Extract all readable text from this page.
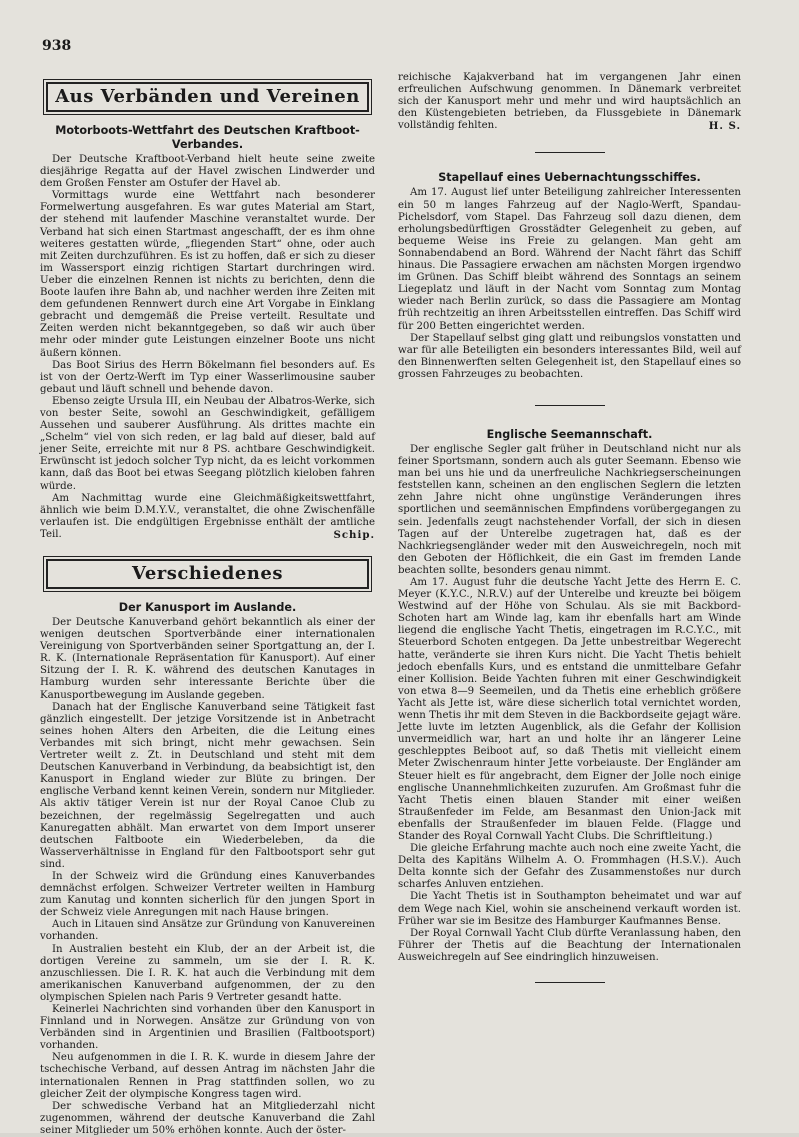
938
Aus Verbänden und Vereinen
Motorboots-Wettfahrt des Deutschen Kraftboot-Verbandes.

Der Deutsche Kraftboot-Verband hielt heute seine zweite diesjährige Regatta auf der Havel zwischen Lindwerder und dem Großen Fenster am Ostufer der Havel ab.

Vormittags wurde eine Wettfahrt nach besonderer Formelwertung ausgefahren. Es war gutes Material am Start, der stehend mit laufender Maschine veranstaltet wurde. Der Verband hat sich einen Startmast angeschafft, der es ihm ohne weiteres gestatten würde, „fliegenden Start“ ohne, oder auch mit Zeiten durchzuführen. Es ist zu hoffen, daß er sich zu dieser im Wassersport einzig richtigen Startart durchringen wird. Ueber die einzelnen Rennen ist nichts zu berichten, denn die Boote laufen ihre Bahn ab, und nachher werden ihre Zeiten mit dem gefundenen Rennwert durch eine Art Vorgabe in Einklang gebracht und demgemäß die Preise verteilt. Resultate und Zeiten werden nicht bekanntgegeben, so daß wir auch über mehr oder minder gute Leistungen einzelner Boote uns nicht äußern können.

Das Boot Sirius des Herrn Bökelmann fiel besonders auf. Es ist von der Oertz-Werft im Typ einer Wasserlimousine sauber gebaut und läuft schnell und behende davon.

Ebenso zeigte Ursula III, ein Neubau der Albatros-Werke, sich von bester Seite, sowohl an Geschwindigkeit, gefälligem Aussehen und sauberer Ausführung. Als drittes machte ein „Schelm“ viel von sich reden, er lag bald auf dieser, bald auf jener Seite, erreichte mit nur 8 PS. achtbare Geschwindigkeit. Erwünscht ist jedoch solcher Typ nicht, da es leicht vorkommen kann, daß das Boot bei etwas Seegang plötzlich kieloben fahren würde.

Am Nachmittag wurde eine Gleichmäßigkeitswettfahrt, ähnlich wie beim D.M.Y.V., veranstaltet, die ohne Zwischenfälle verlaufen ist. Die endgültigen Ergebnisse enthält der amtliche Teil.	Schip.

Verschiedenes
Der Kanusport im Auslande.

Der Deutsche Kanuverband gehört bekanntlich als einer der wenigen deutschen Sportverbände einer internationalen Vereinigung von Sportverbänden seiner Sportgattung an, der I. R. K. (Internationale Repräsentation für Kanusport). Auf einer Sitzung der I. R. K. während des deutschen Kanutages in Hamburg wurden sehr interessante Berichte über die Kanusportbewegung im Auslande gegeben.

Danach hat der Englische Kanuverband seine Tätigkeit fast gänzlich eingestellt. Der jetzige Vorsitzende ist in Anbetracht seines hohen Alters den Arbeiten, die die Leitung eines Verbandes mit sich bringt, nicht mehr gewachsen. Sein Vertreter weilt z. Zt. in Deutschland und steht mit dem Deutschen Kanuverband in Verbindung, da beabsichtigt ist, den Kanusport in England wieder zur Blüte zu bringen. Der englische Verband kennt keinen Verein, sondern nur Mitglieder. Als aktiv tätiger Verein ist nur der Royal Canoe Club zu bezeichnen, der regelmässig Segelregatten und auch Kanuregatten abhält. Man erwartet von dem Import unserer deutschen Faltboote ein Wiederbeleben, da die Wasserverhältnisse in England für den Faltbootsport sehr gut sind.

In der Schweiz wird die Gründung eines Kanuverbandes demnächst erfolgen. Schweizer Vertreter weilten in Hamburg zum Kanutag und konnten sicherlich für den jungen Sport in der Schweiz viele Anregungen mit nach Hause bringen.

Auch in Litauen sind Ansätze zur Gründung von Kanuvereinen vorhanden.

In Australien besteht ein Klub, der an der Arbeit ist, die dortigen Vereine zu sammeln, um sie der I. R. K. anzuschliessen. Die I. R. K. hat auch die Verbindung mit dem amerikanischen Kanuverband aufgenommen, der zu den olympischen Spielen nach Paris 9 Vertreter gesandt hatte.

Keinerlei Nachrichten sind vorhanden über den Kanusport in Finnland und in Norwegen. Ansätze zur Gründung von von Verbänden sind in Argentinien und Brasilien (Faltbootsport) vorhanden.

Neu aufgenommen in die I. R. K. wurde in diesem Jahre der tschechische Verband, auf dessen Antrag im nächsten Jahr die internationalen Rennen in Prag stattfinden sollen, wo zu gleicher Zeit der olympische Kongress tagen wird.

Der schwedische Verband hat an Mitgliederzahl nicht zugenommen, während der deutsche Kanuverband die Zahl seiner Mitglieder um 50% erhöhen konnte. Auch der öster-

reichische Kajakverband hat im vergangenen Jahr einen erfreulichen Aufschwung genommen. In Dänemark verbreitet sich der Kanusport mehr und mehr und wird hauptsächlich an den Küstengebieten betrieben, da Flussgebiete in Dänemark vollständig fehlten.	H. S.

Stapellauf eines Uebernachtungsschiffes.

Am 17. August lief unter Beteiligung zahlreicher Interessenten ein 50 m langes Fahrzeug auf der Naglo-Werft, Spandau-Pichelsdorf, vom Stapel. Das Fahrzeug soll dazu dienen, dem erholungsbedürftigen Grosstädter Gelegenheit zu geben, auf bequeme Weise ins Freie zu gelangen. Man geht am Sonnabendabend an Bord. Während der Nacht fährt das Schiff hinaus. Die Passagiere erwachen am nächsten Morgen irgendwo im Grünen. Das Schiff bleibt während des Sonntags an seinem Liegeplatz und läuft in der Nacht vom Sonntag zum Montag wieder nach Berlin zurück, so dass die Passagiere am Montag früh rechtzeitig an ihren Arbeitsstellen eintreffen. Das Schiff wird für 200 Betten eingerichtet werden.

Der Stapellauf selbst ging glatt und reibungslos vonstatten und war für alle Beteiligten ein besonders interessantes Bild, weil auf den Binnenwerften selten Gelegenheit ist, den Stapellauf eines so grossen Fahrzeuges zu beobachten.

Englische Seemannschaft.

Der englische Segler galt früher in Deutschland nicht nur als feiner Sportsmann, sondern auch als guter Seemann. Ebenso wie man bei uns hie und da unerfreuliche Nachkriegserscheinungen feststellen kann, scheinen an den englischen Seglern die letzten zehn Jahre nicht ohne ungünstige Veränderungen ihres sportlichen und seemännischen Empfindens vorübergegangen zu sein. Jedenfalls zeugt nachstehender Vorfall, der sich in diesen Tagen auf der Unterelbe zugetragen hat, daß es der Nachkriegsengländer weder mit den Ausweichregeln, noch mit den Geboten der Höflichkeit, die ein Gast im fremden Lande beachten sollte, besonders genau nimmt.

Am 17. August fuhr die deutsche Yacht Jette des Herrn E. C. Meyer (K.Y.C., N.R.V.) auf der Unterelbe und kreuzte bei böigem Westwind auf der Höhe von Schulau. Als sie mit Backbord-Schoten hart am Winde lag, kam ihr ebenfalls hart am Winde liegend die englische Yacht Thetis, eingetragen im R.C.Y.C., mit Steuerbord Schoten entgegen. Da Jette unbestreitbar Wegerecht hatte, veränderte sie ihren Kurs nicht. Die Yacht Thetis behielt jedoch ebenfalls Kurs, und es entstand die unmittelbare Gefahr einer Kollision. Beide Yachten fuhren mit einer Geschwindigkeit von etwa 8—9 Seemeilen, und da Thetis eine erheblich größere Yacht als Jette ist, wäre diese sicherlich total vernichtet worden, wenn Thetis ihr mit dem Steven in die Backbordseite gejagt wäre. Jette luvte im letzten Augenblick, als die Gefahr der Kollision unvermeidlich war, hart an und holte ihr an längerer Leine geschlepptes Beiboot auf, so daß Thetis mit vielleicht einem Meter Zwischenraum hinter Jette vorbeiauste. Der Engländer am Steuer hielt es für angebracht, dem Eigner der Jolle noch einige englische Unannehmlichkeiten zuzurufen. Am Großmast fuhr die Yacht Thetis einen blauen Stander mit einer weißen Straußenfeder im Felde, am Besanmast den Union-Jack mit ebenfalls der Straußenfeder im blauen Felde. (Flagge und Stander des Royal Cornwall Yacht Clubs. Die Schriftleitung.)

Die gleiche Erfahrung machte auch noch eine zweite Yacht, die Delta des Kapitäns Wilhelm A. O. Frommhagen (H.S.V.). Auch Delta konnte sich der Gefahr des Zusammenstoßes nur durch scharfes Anluven entziehen.

Die Yacht Thetis ist in Southampton beheimatet und war auf dem Wege nach Kiel, wohin sie anscheinend verkauft worden ist. Früher war sie im Besitze des Hamburger Kaufmannes Bense.

Der Royal Cornwall Yacht Club dürfte Veranlassung haben, den Führer der Thetis auf die Beachtung der Internationalen Ausweichregeln auf See eindringlich hinzuweisen.
